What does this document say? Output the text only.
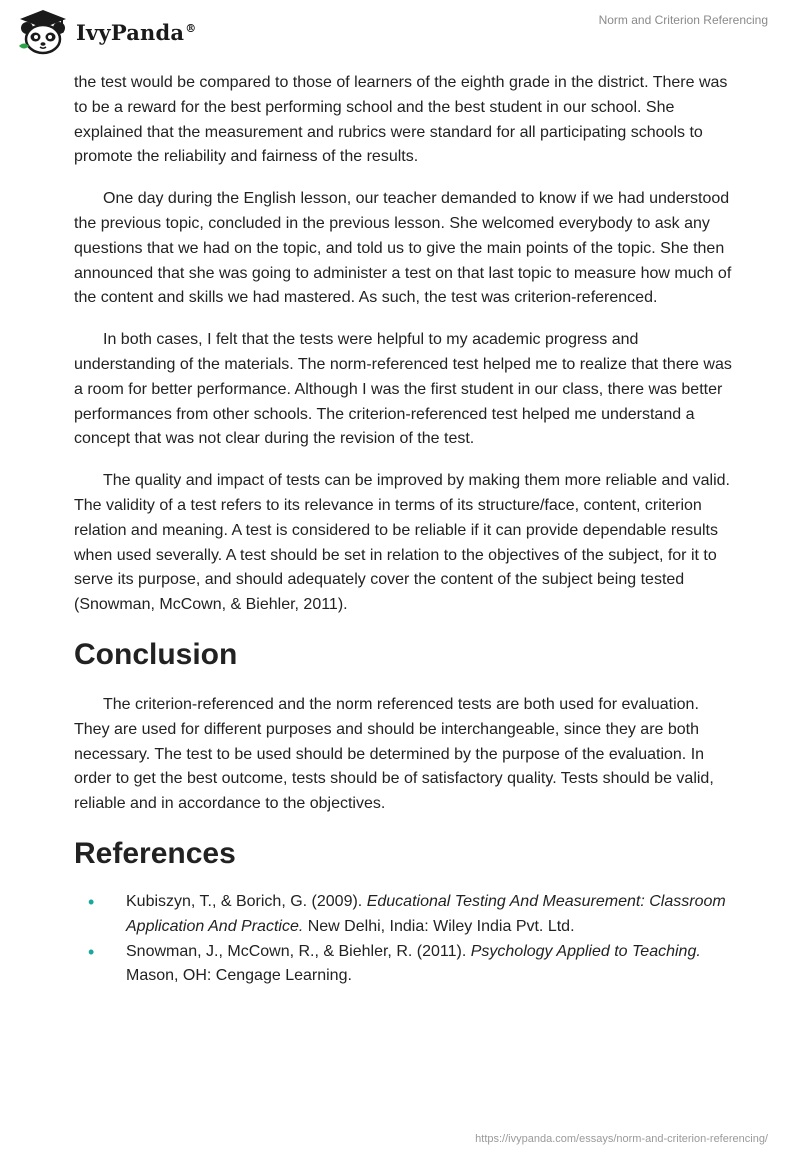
IvyPanda®
Norm and Criterion Referencing

the test would be compared to those of learners of the eighth grade in the district. There was to be a reward for the best performing school and the best student in our school. She explained that the measurement and rubrics were standard for all participating schools to promote the reliability and fairness of the results.

One day during the English lesson, our teacher demanded to know if we had understood the previous topic, concluded in the previous lesson. She welcomed everybody to ask any questions that we had on the topic, and told us to give the main points of the topic. She then announced that she was going to administer a test on that last topic to measure how much of the content and skills we had mastered. As such, the test was criterion-referenced.

In both cases, I felt that the tests were helpful to my academic progress and understanding of the materials. The norm-referenced test helped me to realize that there was a room for better performance. Although I was the first student in our class, there was better performances from other schools. The criterion-referenced test helped me understand a concept that was not clear during the revision of the test.

The quality and impact of tests can be improved by making them more reliable and valid. The validity of a test refers to its relevance in terms of its structure/face, content, criterion relation and meaning. A test is considered to be reliable if it can provide dependable results when used severally. A test should be set in relation to the objectives of the subject, for it to serve its purpose, and should adequately cover the content of the subject being tested (Snowman, McCown, & Biehler, 2011).

Conclusion

The criterion-referenced and the norm referenced tests are both used for evaluation. They are used for different purposes and should be interchangeable, since they are both necessary. The test to be used should be determined by the purpose of the evaluation. In order to get the best outcome, tests should be of satisfactory quality. Tests should be valid, reliable and in accordance to the objectives.

References
• Kubiszyn, T., & Borich, G. (2009). Educational Testing And Measurement: Classroom Application And Practice. New Delhi, India: Wiley India Pvt. Ltd.
• Snowman, J., McCown, R., & Biehler, R. (2011). Psychology Applied to Teaching. Mason, OH: Cengage Learning.
https://ivypanda.com/essays/norm-and-criterion-referencing/
